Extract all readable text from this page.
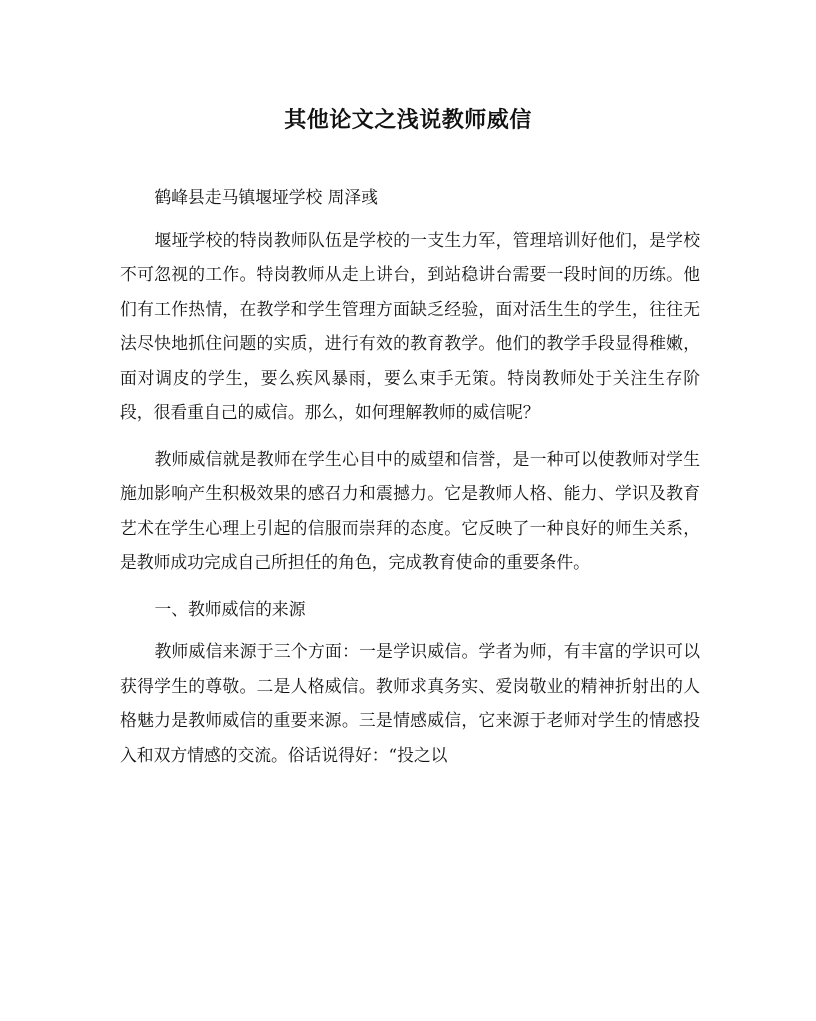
其他论文之浅说教师威信

鹤峰县走马镇堰垭学校 周泽彧

堰垭学校的特岗教师队伍是学校的一支生力军，管理培训好他们，是学校不可忽视的工作。特岗教师从走上讲台，到站稳讲台需要一段时间的历练。他们有工作热情，在教学和学生管理方面缺乏经验，面对活生生的学生，往往无法尽快地抓住问题的实质，进行有效的教育教学。他们的教学手段显得稚嫩，面对调皮的学生，要么疾风暴雨，要么束手无策。特岗教师处于关注生存阶段，很看重自己的威信。那么，如何理解教师的威信呢？

教师威信就是教师在学生心目中的威望和信誉，是一种可以使教师对学生施加影响产生积极效果的感召力和震撼力。它是教师人格、能力、学识及教育艺术在学生心理上引起的信服而崇拜的态度。它反映了一种良好的师生关系，是教师成功完成自己所担任的角色，完成教育使命的重要条件。

一、教师威信的来源

教师威信来源于三个方面：一是学识威信。学者为师，有丰富的学识可以获得学生的尊敬。二是人格威信。教师求真务实、爱岗敬业的精神折射出的人格魅力是教师威信的重要来源。三是情感威信，它来源于老师对学生的情感投入和双方情感的交流。俗话说得好：“投之以
